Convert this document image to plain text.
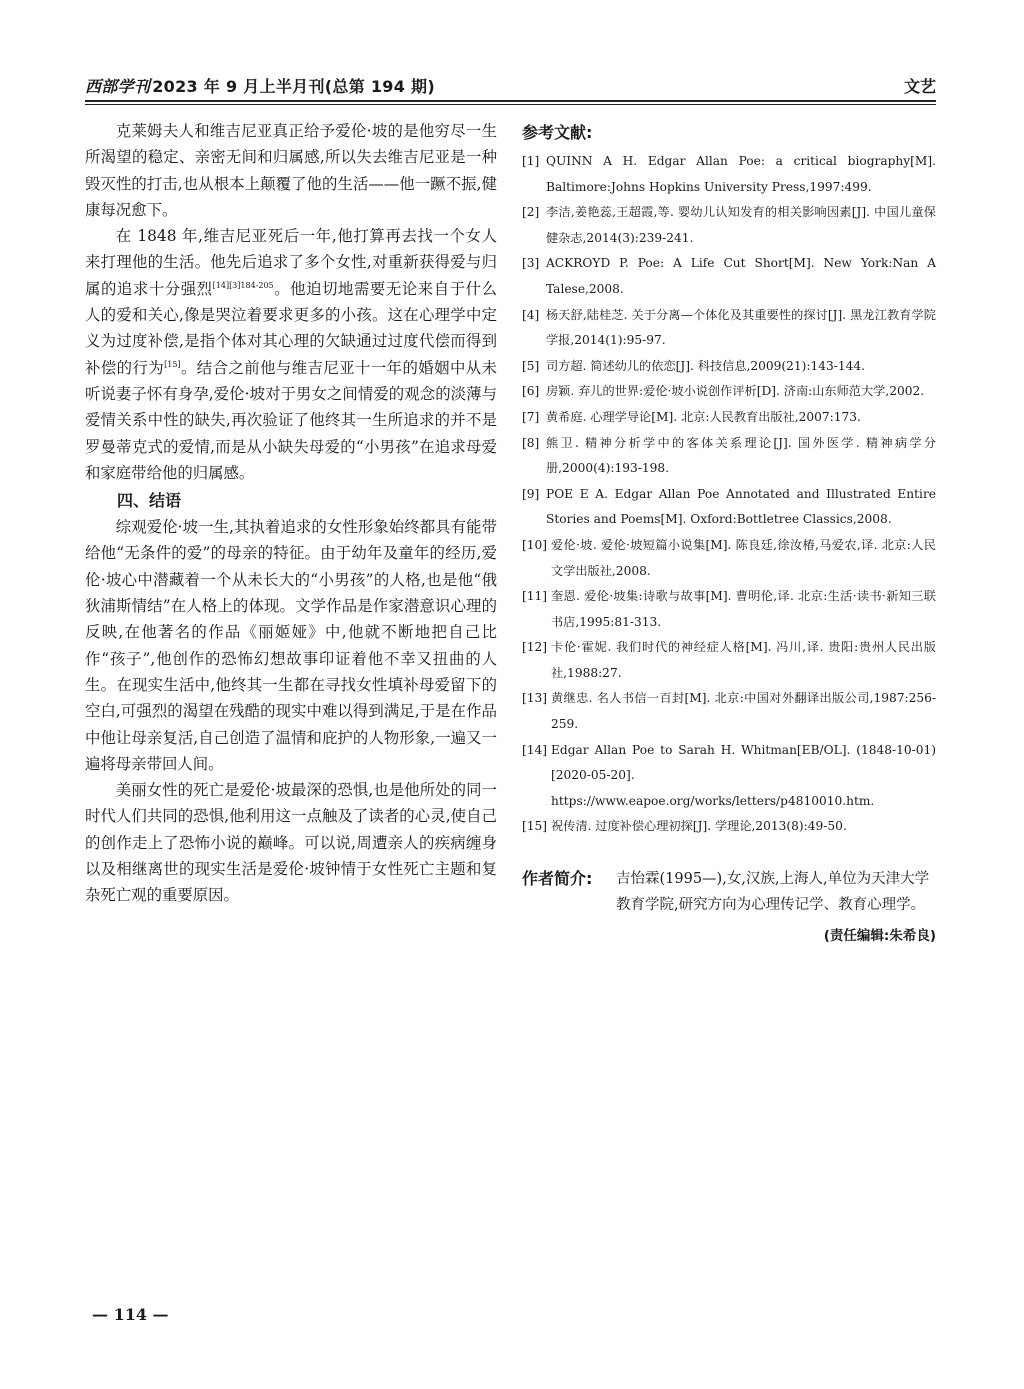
西部学刊 2023 年 9 月上半月刊(总第 194 期)	文艺

克莱姆夫人和维吉尼亚真正给予爱伦·坡的是他穷尽一生所渴望的稳定、亲密无间和归属感,所以失去维吉尼亚是一种毁灭性的打击,也从根本上颠覆了他的生活——他一蹶不振,健康每况愈下。

在 1848 年,维吉尼亚死后一年,他打算再去找一个女人来打理他的生活。他先后追求了多个女性,对重新获得爱与归属的追求十分强烈$^{[14][3]184-205}$。他迫切地需要无论来自于什么人的爱和关心,像是哭泣着要求更多的小孩。这在心理学中定义为过度补偿,是指个体对其心理的欠缺通过过度代偿而得到补偿的行为[15]。结合之前他与维吉尼亚十一年的婚姻中从未听说妻子怀有身孕,爱伦·坡对于男女之间情爱的观念的淡薄与爱情关系中性的缺失,再次验证了他终其一生所追求的并不是罗曼蒂克式的爱情,而是从小缺失母爱的“小男孩”在追求母爱和家庭带给他的归属感。

四、结语

综观爱伦·坡一生,其执着追求的女性形象始终都具有能带给他“无条件的爱”的母亲的特征。由于幼年及童年的经历,爱伦·坡心中潜藏着一个从未长大的“小男孩”的人格,也是他“俄狄浦斯情结”在人格上的体现。文学作品是作家潜意识心理的反映,在他著名的作品《丽姬娅》中,他就不断地把自己比作“孩子”,他创作的恐怖幻想故事印证着他不幸又扭曲的人生。在现实生活中,他终其一生都在寻找女性填补母爱留下的空白,可强烈的渴望在残酷的现实中难以得到满足,于是在作品中他让母亲复活,自己创造了温情和庇护的人物形象,一遍又一遍将母亲带回人间。

美丽女性的死亡是爱伦·坡最深的恐惧,也是他所处的同一时代人们共同的恐惧,他利用这一点触及了读者的心灵,使自己的创作走上了恐怖小说的巅峰。可以说,周遭亲人的疾病缠身以及相继离世的现实生活是爱伦·坡钟情于女性死亡主题和复杂死亡观的重要原因。

参考文献:
[1] QUINN A H. Edgar Allan Poe: a critical biography[M]. Baltimore:Johns Hopkins University Press,1997:499.
[2] 李洁,姜艳蕊,王超霞,等. 婴幼儿认知发育的相关影响因素[J]. 中国儿童保健杂志,2014(3):239-241.
[3] ACKROYD P. Poe: A Life Cut Short[M]. New York:Nan A Talese,2008.
[4] 杨天舒,陆桂芝. 关于分离—个体化及其重要性的探讨[J]. 黑龙江教育学院学报,2014(1):95-97.
[5] 司方超. 简述幼儿的依恋[J]. 科技信息,2009(21):143-144.
[6] 房颖. 弃儿的世界:爱伦·坡小说创作评析[D]. 济南:山东师范大学,2002.
[7] 黄希庭. 心理学导论[M]. 北京:人民教育出版社,2007:173.
[8] 熊卫. 精神分析学中的客体关系理论[J]. 国外医学. 精神病学分册,2000(4):193-198.
[9] POE E A. Edgar Allan Poe Annotated and Illustrated Entire Stories and Poems[M]. Oxford:Bottletree Classics,2008.
[10] 爱伦·坡. 爱伦·坡短篇小说集[M]. 陈良廷,徐汝椿,马爱农,译. 北京:人民文学出版社,2008.
[11] 奎恩. 爱伦·坡集:诗歌与故事[M]. 曹明伦,译. 北京:生活·读书·新知三联书店,1995:81-313.
[12] 卡伦·霍妮. 我们时代的神经症人格[M]. 冯川,译. 贵阳:贵州人民出版社,1988:27.
[13] 黄继忠. 名人书信一百封[M]. 北京:中国对外翻译出版公司,1987:256-259.
[14] Edgar Allan Poe to Sarah H. Whitman[EB/OL]. (1848-10-01)[2020-05-20]. https://www.eapoe.org/works/letters/p4810010.htm.
[15] 祝传清. 过度补偿心理初探[J]. 学理论,2013(8):49-50.
作者简介: 吉怡霖(1995—),女,汉族,上海人,单位为天津大学教育学院,研究方向为心理传记学、教育心理学。
(责任编辑:朱希良)
— 114 —
